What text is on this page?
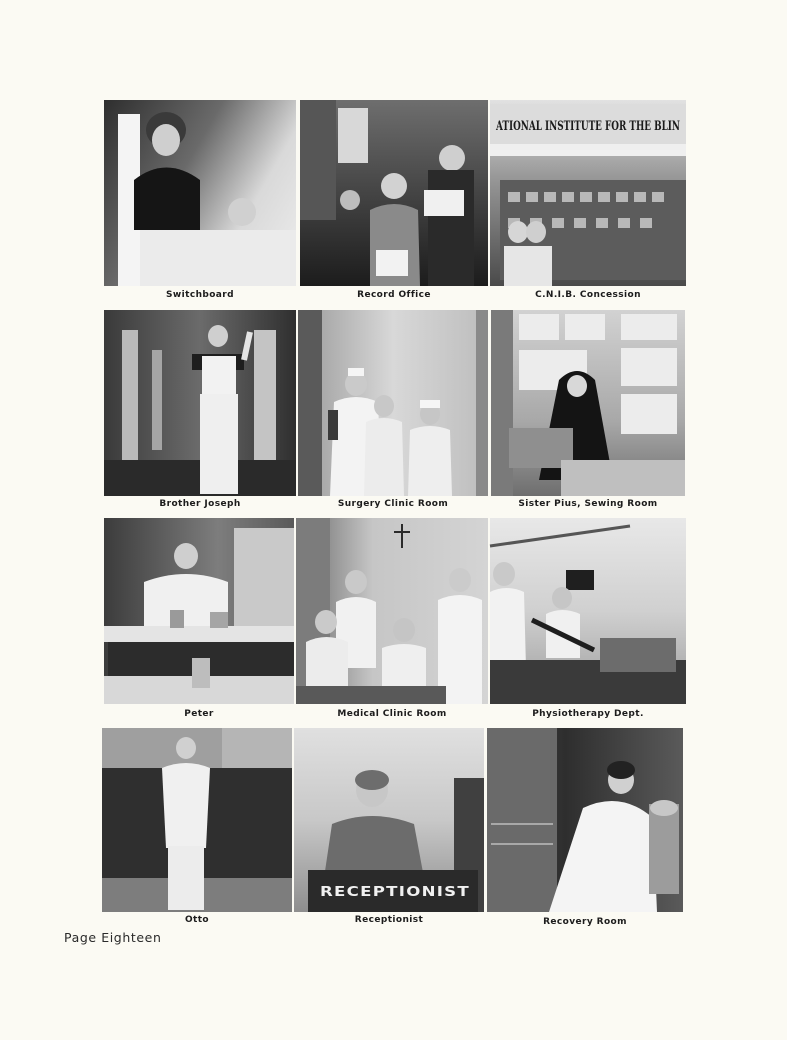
Switchboard	Record Office
ATIONAL INSTITUTE FOR THE BLIN
C.N.I.B. Concession
Brother Joseph	Surgery Clinic Room	Sister Pius, Sewing Room
Peter	Medical Clinic Room	Physiotherapy Dept.
Otto
RECEPTIONIST
Receptionist	Recovery Room
Page Eighteen
